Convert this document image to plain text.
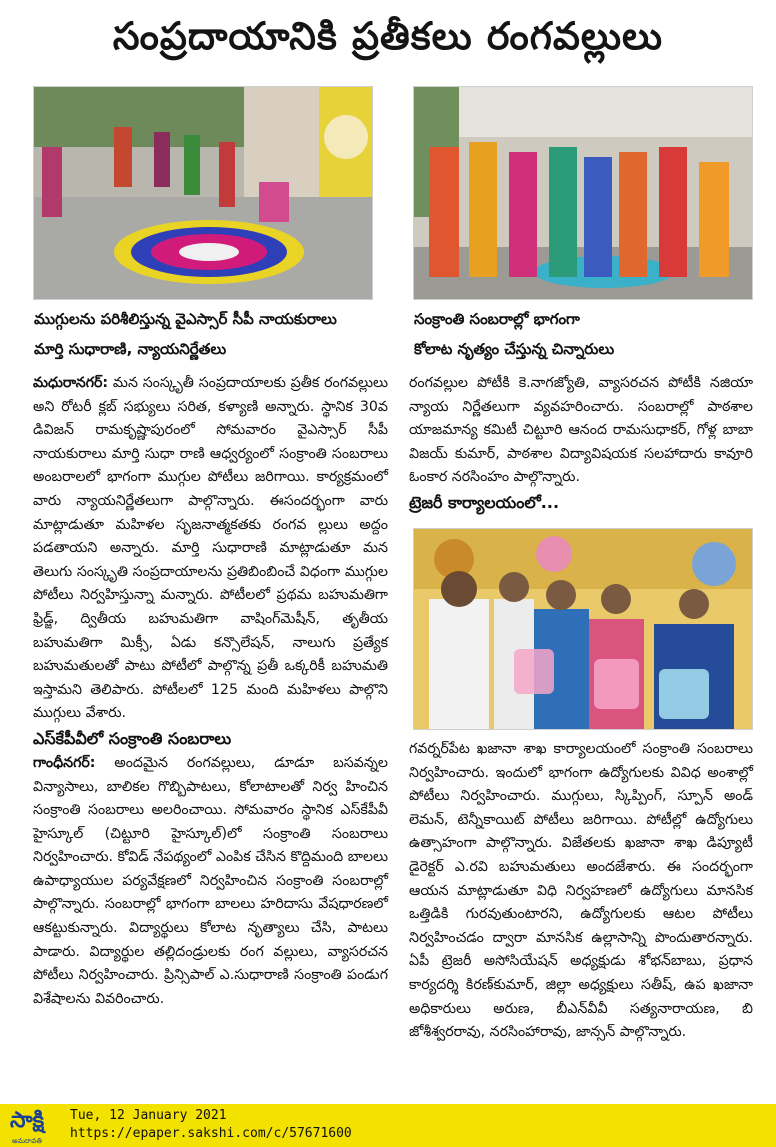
సంప్రదాయానికి ప్రతీకలు రంగవల్లులు
ముగ్గులను పరిశీలిస్తున్న వైఎస్సార్ సీపీ నాయకురాలు
మార్తి సుధారాణి, న్యాయనిర్ణేతలు
సంక్రాంతి సంబరాల్లో భాగంగా
కోలాట నృత్యం చేస్తున్న చిన్నారులు

మధురానగర్: మన సంస్కృతీ సంప్రదాయాలకు ప్రతీక రంగవల్లులు అని రోటరీ క్లబ్ సభ్యులు సరిత, కళ్యాణి అన్నారు. స్థానిక 30వ డివిజన్ రామకృష్ణాపురంలో సోమవారం వైఎస్సార్ సీపీ నాయకురాలు మార్తి సుధా రాణి ఆధ్వర్యంలో సంక్రాంతి సంబరాలు అంబరాలలో భాగంగా ముగ్గుల పోటీలు జరిగాయి. కార్యక్రమంలో వారు న్యాయనిర్ణేతలుగా పాల్గొన్నారు. ఈసందర్భంగా వారు మాట్లాడుతూ మహిళల సృజనాత్మకతకు రంగవ ల్లులు అద్దం పడతాయని అన్నారు. మార్తి సుధారాణి మాట్లాడుతూ మన తెలుగు సంస్కృతి సంప్రదాయాలను ప్రతిబింబించే విధంగా ముగ్గుల పోటీలు నిర్వహిస్తున్నా మన్నారు. పోటీలలో ప్రథమ బహుమతిగా ఫ్రిడ్జ్, ద్వితీయ బహుమతిగా వాషింగ్‌మెషీన్, తృతీయ బహుమతిగా మిక్సీ, ఏడు కన్సొలేషన్, నాలుగు ప్రత్యేక బహుమతులతో పాటు పోటీలో పాల్గొన్న ప్రతీ ఒక్కరికీ బహుమతి ఇస్తామని తెలిపారు. పోటీలలో 125 మంది మహిళలు పాల్గొని ముగ్గులు వేశారు.

ఎస్‌కేపీవీలో సంక్రాంతి సంబరాలు

గాంధీనగర్: అందమైన రంగవల్లులు, డూడూ బసవన్నల విన్యాసాలు, బాలికల గొబ్బిపాటలు, కోలాటాలతో నిర్వ హించిన సంక్రాంతి సంబరాలు అలరించాయి. సోమవారం స్థానిక ఎస్‌కేపీవీ హైస్కూల్ (చిట్టూరి హైస్కూల్)లో సంక్రాంతి సంబరాలు నిర్వహించారు. కోవిడ్ నేపథ్యంలో ఎంపిక చేసిన కొద్దిమంది బాలలు ఉపాధ్యాయుల పర్యవేక్షణలో నిర్వహించిన సంక్రాంతి సంబరాల్లో పాల్గొన్నారు. సంబరాల్లో భాగంగా బాలలు హరిదాసు వేషధారణలో ఆకట్టుకున్నారు. విద్యార్థులు కోలాట నృత్యాలు చేసి, పాటలు పాడారు. విద్యార్థుల తల్లిదండ్రులకు రంగ వల్లులు, వ్యాసరచన పోటీలు నిర్వహించారు. ప్రిన్సిపాల్ ఎ.సుధారాణి సంక్రాంతి పండుగ విశేషాలను వివరించారు.

రంగవల్లుల పోటీకి కె.నాగజ్యోతి, వ్యాసరచన పోటీకి నజియా న్యాయ నిర్ణేతలుగా వ్యవహరించారు. సంబరాల్లో పాఠశాల యాజమాన్య కమిటీ చిట్టూరి ఆనంద రామసుధాకర్, గోళ్ల బాబా విజయ్ కుమార్, పాఠశాల విద్యావిషయక సలహాదారు కావూరి ఓంకార నరసింహం పాల్గొన్నారు.

ట్రెజరీ కార్యాలయంలో...

గవర్నర్‌పేట ఖజానా శాఖ కార్యాలయంలో సంక్రాంతి సంబరాలు నిర్వహించారు. ఇందులో భాగంగా ఉద్యోగులకు వివిధ అంశాల్లో పోటీలు నిర్వహించారు. ముగ్గులు, స్కిప్పింగ్, స్పూన్ అండ్ లెమన్, టెన్నీకాయిట్ పోటీలు జరిగాయి. పోటీల్లో ఉద్యోగులు ఉత్సాహంగా పాల్గొన్నారు. విజేతలకు ఖజానా శాఖ డిప్యూటీ డైరెక్టర్ ఎ.రవి బహుమతులు అందజేశారు. ఈ సందర్భంగా ఆయన మాట్లాడుతూ విధి నిర్వహణలో ఉద్యోగులు మానసిక ఒత్తిడికి గురవుతుంటారని, ఉద్యోగులకు ఆటల పోటీలు నిర్వహించడం ద్వారా మానసిక ఉల్లాసాన్ని పొందుతారన్నారు. ఏపీ ట్రెజరీ అసోసియేషన్ అధ్యక్షుడు శోభన్‌బాబు, ప్రధాన కార్యదర్శి కిరణ్‌కుమార్, జిల్లా అధ్యక్షులు సతీష్, ఉప ఖజానా అధికారులు అరుణ, బీఎన్‌వీవీ సత్యనారాయణ, బి జోశీశ్వరరావు, నరసింహారావు, జాన్సన్ పాల్గొన్నారు.

సాక్షి
అమరావతి
Tue, 12 January 2021
https://epaper.sakshi.com/c/57671600
